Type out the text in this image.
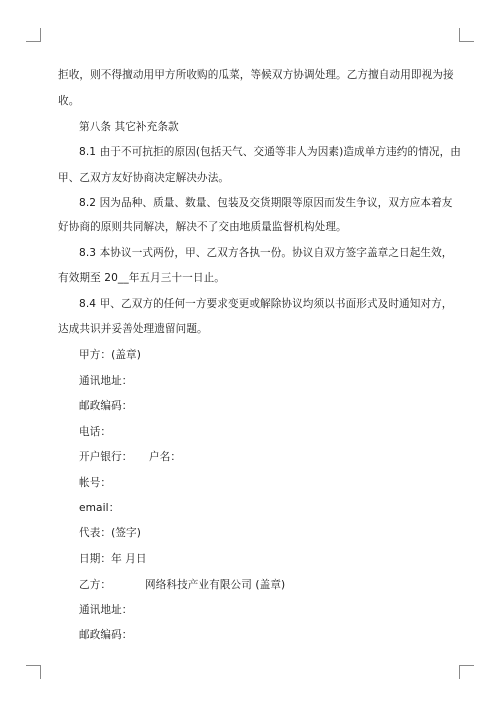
拒收，则不得擅动用甲方所收购的瓜菜，等候双方协调处理。乙方擅自动用即视为接
收。
第八条 其它补充条款
8.1 由于不可抗拒的原因(包括天气、交通等非人为因素)造成单方违约的情况，由
甲、乙双方友好协商决定解决办法。
8.2 因为品种、质量、数量、包装及交货期限等原因而发生争议，双方应本着友
好协商的原则共同解决，解决不了交由地质量监督机构处理。
8.3 本协议一式两份，甲、乙双方各执一份。协议自双方签字盖章之日起生效，
有效期至 20__年五月三十一日止。
8.4 甲、乙双方的任何一方要求变更或解除协议均须以书面形式及时通知对方，
达成共识并妥善处理遗留问题。
甲方：(盖章)
通讯地址：
邮政编码：
电话：
开户银行： 户名：
帐号：
email：
代表：(签字)
日期：年 月日
乙方：	网络科技产业有限公司 (盖章)
通讯地址：
邮政编码：
